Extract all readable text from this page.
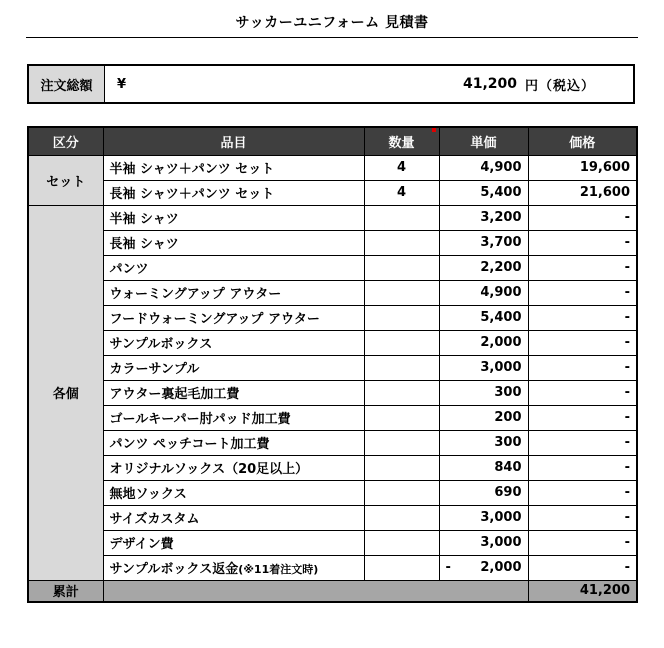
サッカーユニフォーム 見積書
注文総額	¥	41,200 円（税込）
区分	品目	数量	単価	価格
セット	半袖 シャツ＋パンツ セット	4	4,900	19,600
	長袖 シャツ＋パンツ セット	4	5,400	21,600
各個	半袖 シャツ		3,200	-
	長袖 シャツ		3,700	-
	パンツ		2,200	-
	ウォーミングアップ アウター		4,900	-
	フードウォーミングアップ アウター		5,400	-
	サンプルボックス		2,000	-
	カラーサンプル		3,000	-
	アウター裏起毛加工費		300	-
	ゴールキーパー肘パッド加工費		200	-
	パンツ ペッチコート加工費		300	-
	オリジナルソックス（20足以上）		840	-
	無地ソックス		690	-
	サイズカスタム		3,000	-
	デザイン費		3,000	-
	サンプルボックス返金(※11着注文時)		- 2,000	-
累計				41,200
